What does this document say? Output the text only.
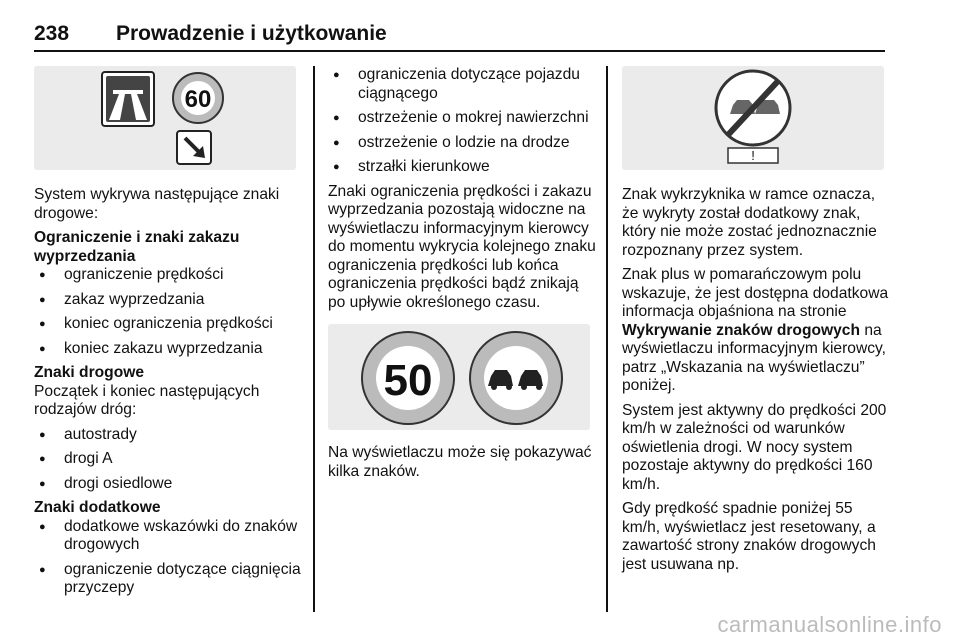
238 Prowadzenie i użytkowanie
60

System wykrywa następujące znaki drogowe:

Ograniczenie i znaki zakazu wyprzedzania
● ograniczenie prędkości
● zakaz wyprzedzania
● koniec ograniczenia prędkości
● koniec zakazu wyprzedzania
Znaki drogowe

Początek i koniec następujących rodzajów dróg:

● autostrady
● drogi A
● drogi osiedlowe
Znaki dodatkowe
● dodatkowe wskazówki do znaków drogowych
● ograniczenie dotyczące ciągnięcia przyczepy
● ograniczenia dotyczące pojazdu ciągnącego
● ostrzeżenie o mokrej nawierzchni
● ostrzeżenie o lodzie na drodze
● strzałki kierunkowe

Znaki ograniczenia prędkości i zakazu wyprzedzania pozostają widoczne na wyświetlaczu informacyjnym kierowcy do momentu wykrycia kolejnego znaku ograniczenia prędkości lub końca ograniczenia prędkości bądź znikają po upływie określonego czasu.

50

Na wyświetlaczu może się pokazywać kilka znaków.

!

Znak wykrzyknika w ramce oznacza, że wykryty został dodatkowy znak, który nie może zostać jednoznacznie rozpoznany przez system.

Znak plus w pomarańczowym polu wskazuje, że jest dostępna dodatkowa informacja objaśniona na stronie Wykrywanie znaków drogowych na wyświetlaczu informacyjnym kierowcy, patrz „Wskazania na wyświetlaczu” poniżej.

System jest aktywny do prędkości 200 km/h w zależności od warunków oświetlenia drogi. W nocy system pozostaje aktywny do prędkości 160 km/h.

Gdy prędkość spadnie poniżej 55 km/h, wyświetlacz jest resetowany, a zawartość strony znaków drogowych jest usuwana np.

carmanualsonline.info
